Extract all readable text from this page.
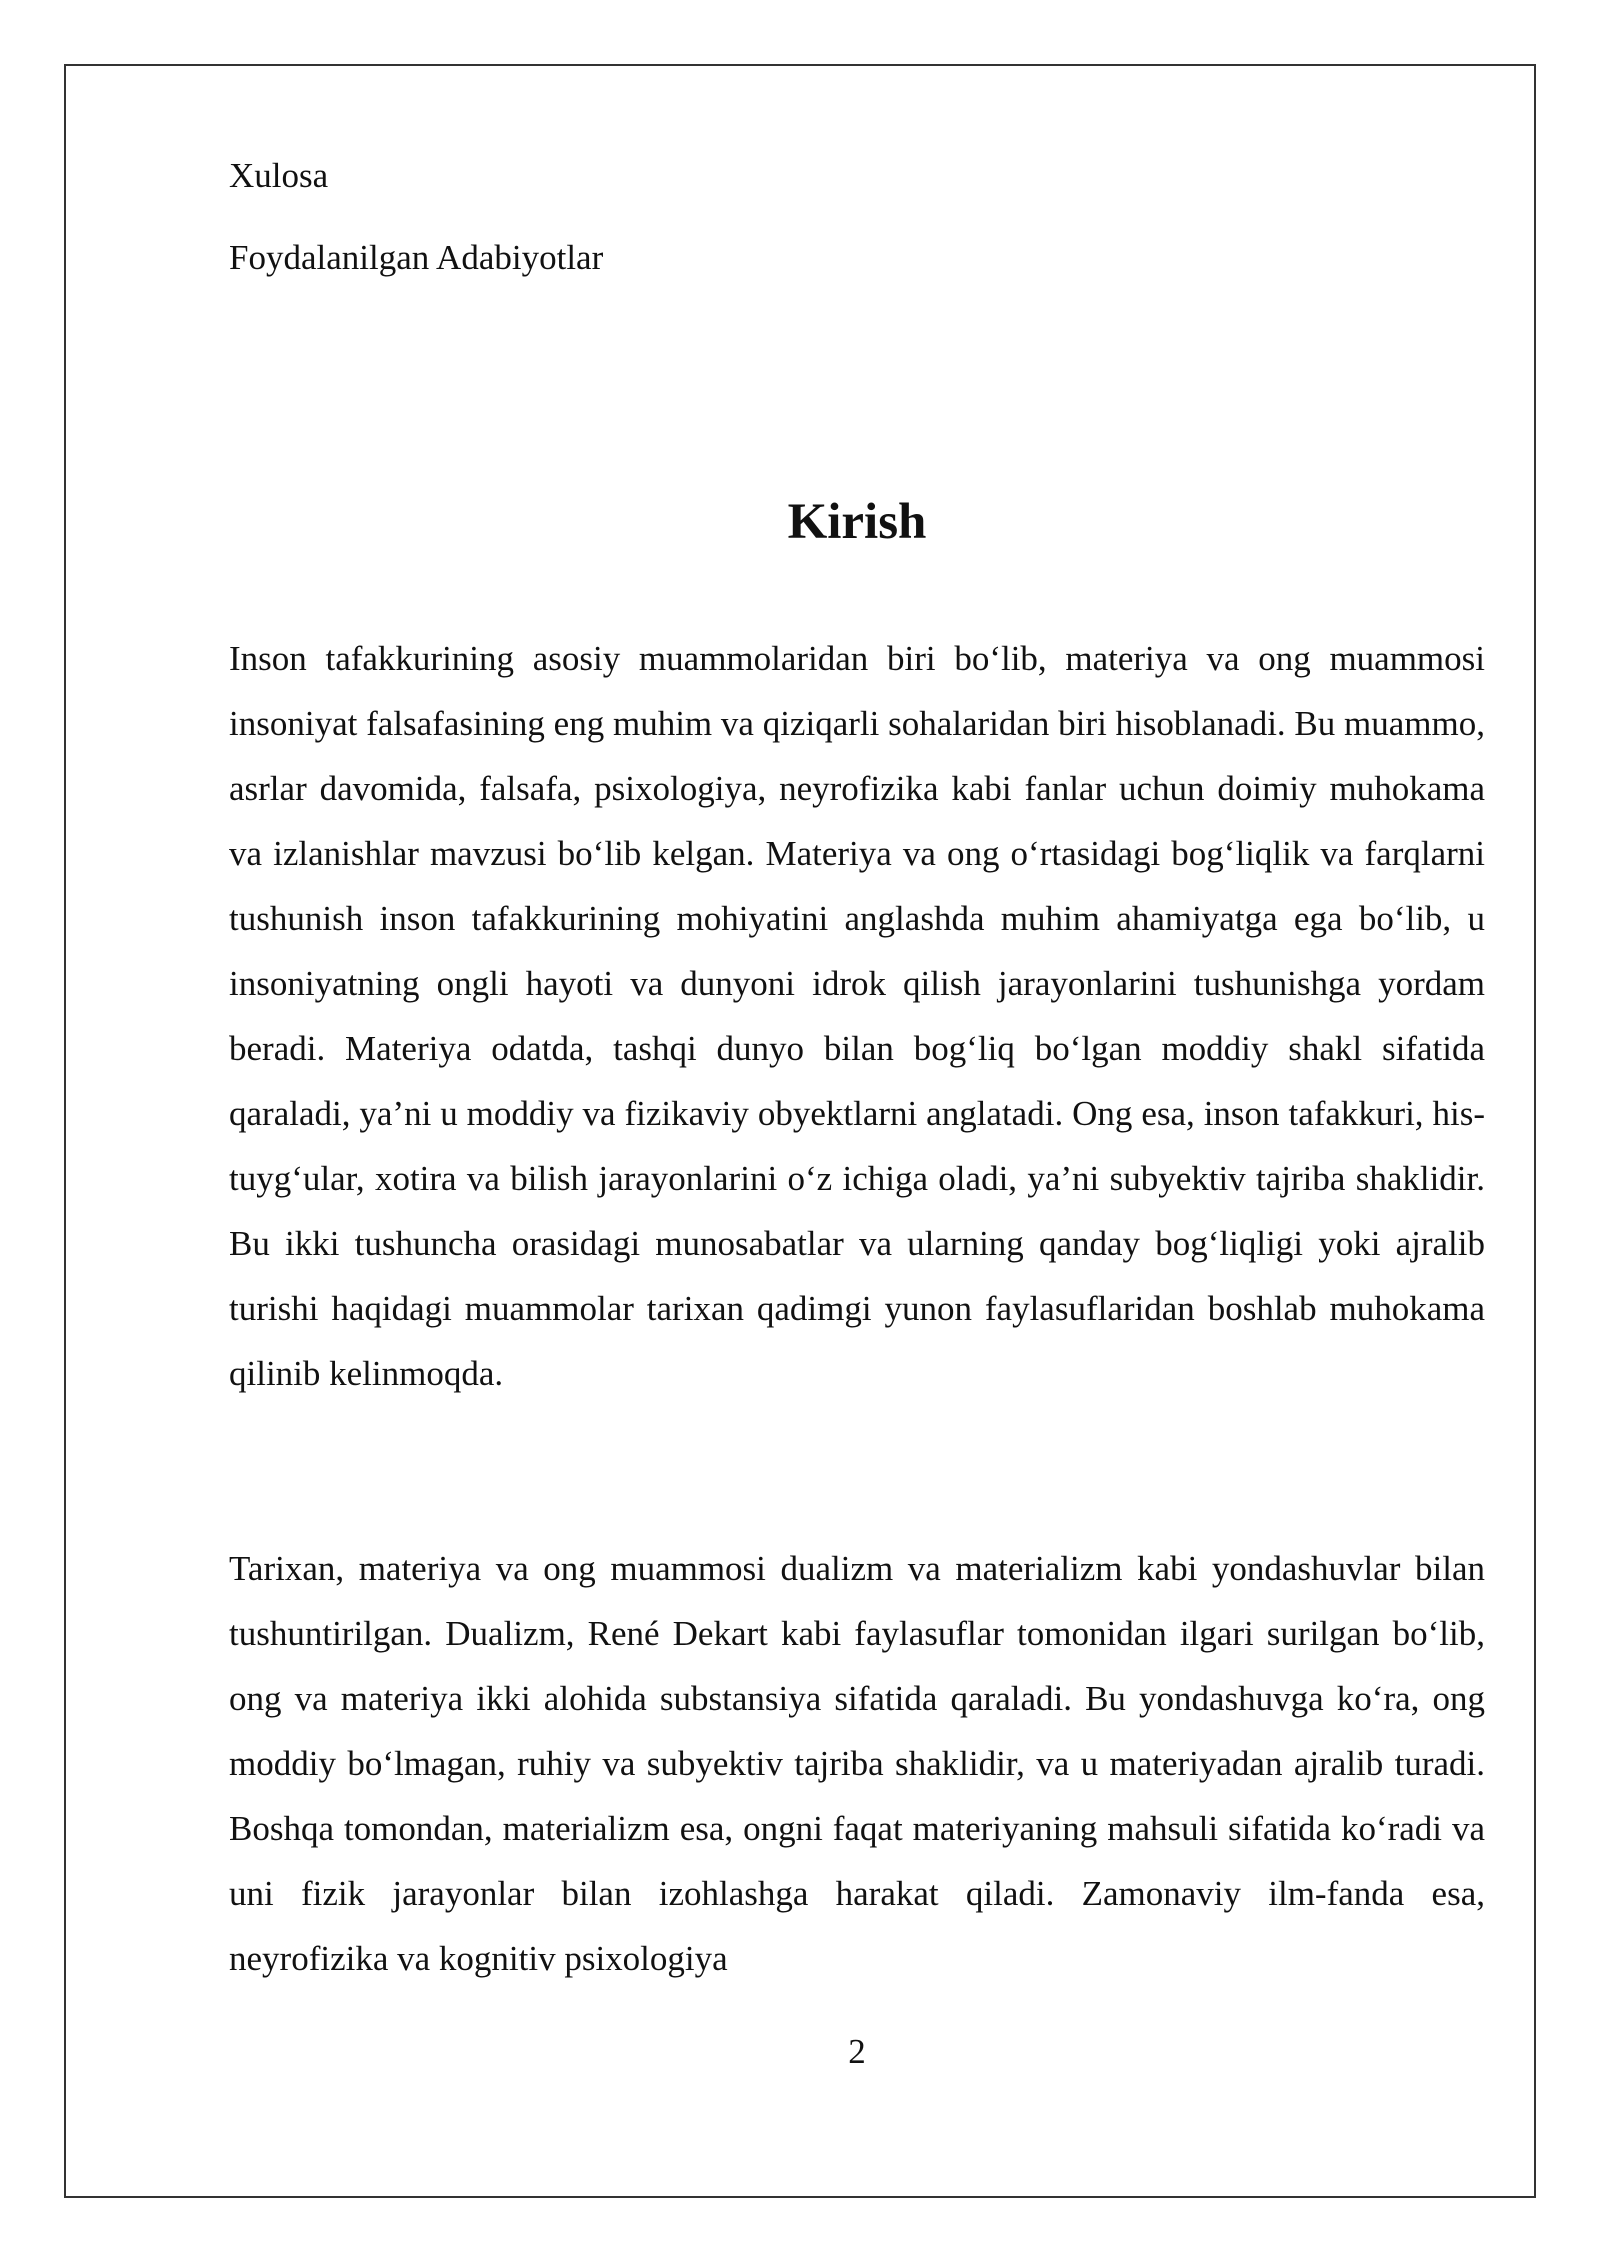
Xulosa
Foydalanilgan Adabiyotlar
Kirish

Inson tafakkurining asosiy muammolaridan biri bo‘lib, materiya va ong muammosi insoniyat falsafasining eng muhim va qiziqarli sohalaridan biri hisoblanadi. Bu muammo, asrlar davomida, falsafa, psixologiya, neyrofizika kabi fanlar uchun doimiy muhokama va izlanishlar mavzusi bo‘lib kelgan. Materiya va ong o‘rtasidagi bog‘liqlik va farqlarni tushunish inson tafakkurining mohiyatini anglashda muhim ahamiyatga ega bo‘lib, u insoniyatning ongli hayoti va dunyoni idrok qilish jarayonlarini tushunishga yordam beradi. Materiya odatda, tashqi dunyo bilan bog‘liq bo‘lgan moddiy shakl sifatida qaraladi, ya’ni u moddiy va fizikaviy obyektlarni anglatadi. Ong esa, inson tafakkuri, his-tuyg‘ular, xotira va bilish jarayonlarini o‘z ichiga oladi, ya’ni subyektiv tajriba shaklidir. Bu ikki tushuncha orasidagi munosabatlar va ularning qanday bog‘liqligi yoki ajralib turishi haqidagi muammolar tarixan qadimgi yunon faylasuflaridan boshlab muhokama qilinib kelinmoqda.

Tarixan, materiya va ong muammosi dualizm va materializm kabi yondashuvlar bilan tushuntirilgan. Dualizm, René Dekart kabi faylasuflar tomonidan ilgari surilgan bo‘lib, ong va materiya ikki alohida substansiya sifatida qaraladi. Bu yondashuvga ko‘ra, ong moddiy bo‘lmagan, ruhiy va subyektiv tajriba shaklidir, va u materiyadan ajralib turadi. Boshqa tomondan, materializm esa, ongni faqat materiyaning mahsuli sifatida ko‘radi va uni fizik jarayonlar bilan izohlashga harakat qiladi. Zamonaviy ilm-fanda esa, neyrofizika va kognitiv psixologiya

2
